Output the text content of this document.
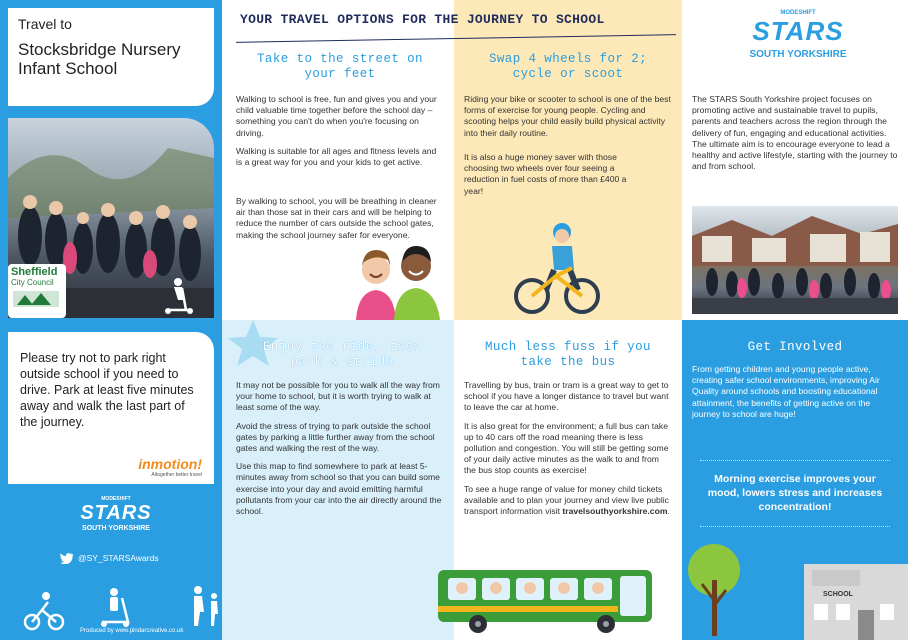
Travel to
Stocksbridge Nursery Infant School
Sheffield
City Council
Please try not to park right outside school if you need to drive. Park at least five minutes away and walk the last part of the journey.
inmotion!
Altogether better travel
MODESHIFT
STARS
SOUTH YORKSHIRE
@SY_STARSAwards
Produced by www.pindarcreative.co.uk
YOUR TRAVEL OPTIONS FOR THE JOURNEY TO SCHOOL
Take to the street on your feet

Walking to school is free, fun and gives you and your child valuable time together before the school day – something you can't do when you're focusing on driving.

Walking is suitable for all ages and fitness levels and is a great way for you and your kids to get active.

By walking to school, you will be breathing in cleaner air than those sat in their cars and will be helping to reduce the number of cars outside the school gates, making the school journey safer for everyone.

Swap 4 wheels for 2; cycle or scoot

Riding your bike or scooter to school is one of the best forms of exercise for young people. Cycling and scooting helps your child easily build physical activity into their daily routine.

It is also a huge money saver with those choosing two wheels over four seeing a reduction in fuel costs of more than £400 a year!

MODESHIFT
STARS
SOUTH YORKSHIRE

The STARS South Yorkshire project focuses on promoting active and sustainable travel to pupils, parents and teachers across the region through the delivery of fun, engaging and educational activities. The ultimate aim is to encourage everyone to lead a healthy and active lifestyle, starting with the journey to and from school.

Enjoy the ride, then park & stride

It may not be possible for you to walk all the way from your home to school, but it is worth trying to walk at least some of the way.

Avoid the stress of trying to park outside the school gates by parking a little further away from the school gates and walking the rest of the way.

Use this map to find somewhere to park at least 5-minutes away from school so that you can build some exercise into your day and avoid emitting harmful pollutants from your car into the air directly around the school.

Much less fuss if you take the bus

Travelling by bus, train or tram is a great way to get to school if you have a longer distance to travel but want to leave the car at home.

It is also great for the environment; a full bus can take up to 40 cars off the road meaning there is less pollution and congestion. You will still be getting some of your daily active minutes as the walk to and from the bus stop counts as exercise!

To see a huge range of value for money child tickets available and to plan your journey and view live public transport information visit travelsouthyorkshire.com.

Get Involved

From getting children and young people active, creating safer school environments, improving Air Quality around schools and boosting educational attainment, the benefits of getting active on the journey to school are huge!

Morning exercise improves your mood, lowers stress and increases concentration!
SCHOOL
